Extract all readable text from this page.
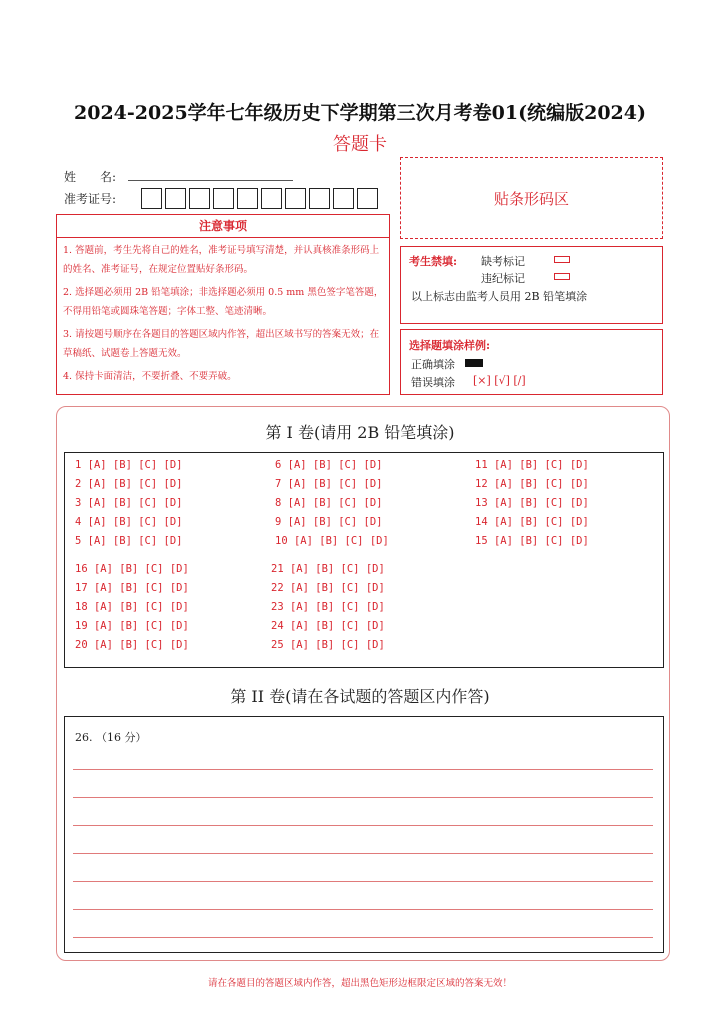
2024-2025学年七年级历史下学期第三次月考卷01(统编版2024)
答题卡
姓　　名:
准考证号:	贴条形码区
注意事项
1. 答题前，考生先将自己的姓名，准考证号填写清楚，并认真核准条形码上的姓名、准考证号，在规定位置贴好条形码。
2. 选择题必须用 2B 铅笔填涂；非选择题必须用 0.5 mm 黑色签字笔答题，不得用铅笔或圆珠笔答题；字体工整、笔迹清晰。
3. 请按题号顺序在各题目的答题区域内作答，超出区域书写的答案无效；在草稿纸、试题卷上答题无效。
4. 保持卡面清洁，不要折叠、不要弄破。
考生禁填: 缺考标记
违纪标记
以上标志由监考人员用 2B 铅笔填涂
选择题填涂样例:
正确填涂
错误填涂 [×] [√] [/]
第 I 卷(请用 2B 铅笔填涂)
1 [A] [B] [C] [D]
2 [A] [B] [C] [D]
3 [A] [B] [C] [D]
4 [A] [B] [C] [D]
5 [A] [B] [C] [D]
6 [A] [B] [C] [D]
7 [A] [B] [C] [D]
8 [A] [B] [C] [D]
9 [A] [B] [C] [D]
10 [A] [B] [C] [D]
11 [A] [B] [C] [D]
12 [A] [B] [C] [D]
13 [A] [B] [C] [D]
14 [A] [B] [C] [D]
15 [A] [B] [C] [D]
16 [A] [B] [C] [D]
17 [A] [B] [C] [D]
18 [A] [B] [C] [D]
19 [A] [B] [C] [D]
20 [A] [B] [C] [D]
21 [A] [B] [C] [D]
22 [A] [B] [C] [D]
23 [A] [B] [C] [D]
24 [A] [B] [C] [D]
25 [A] [B] [C] [D]
第 II 卷(请在各试题的答题区内作答)
26. （16 分）
请在各题目的答题区域内作答，超出黑色矩形边框限定区域的答案无效！
